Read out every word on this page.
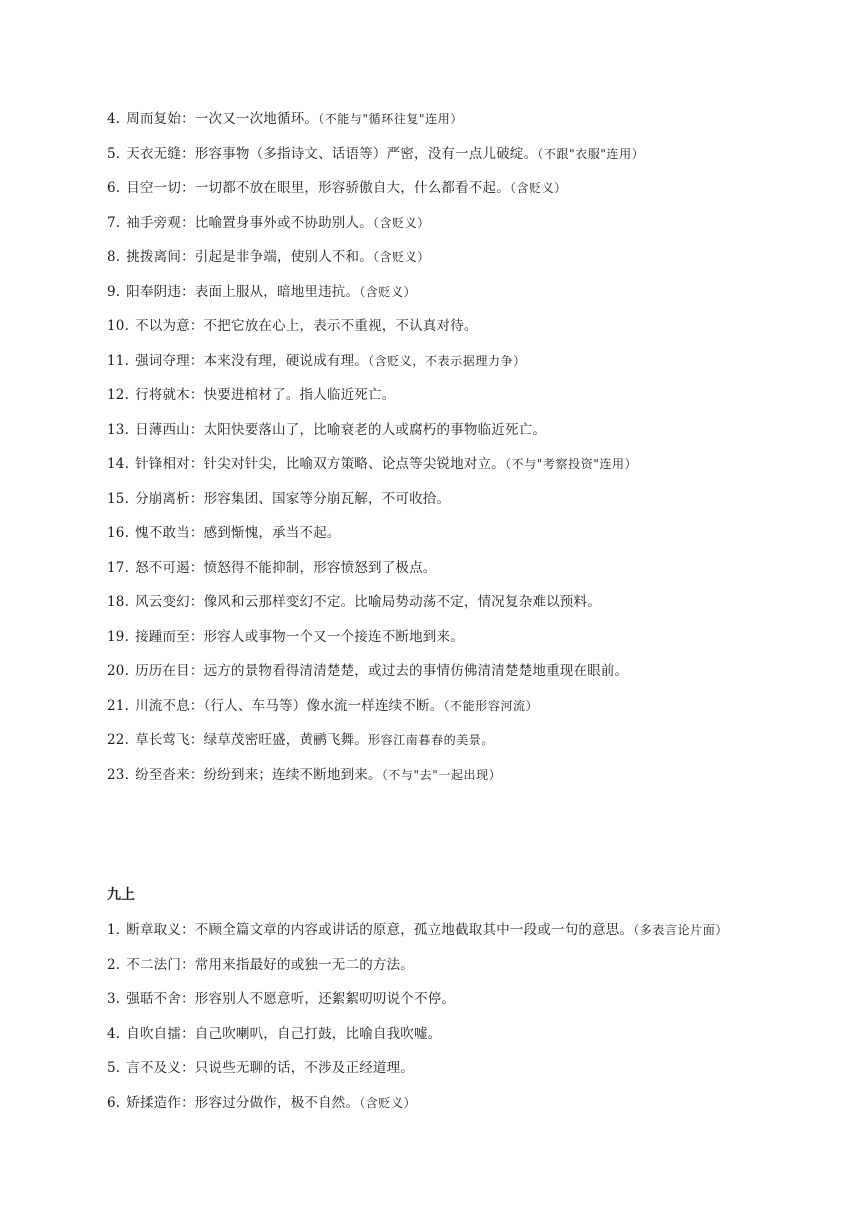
4. 周而复始：一次又一次地循环。（不能与"循环往复"连用）
5. 天衣无缝：形容事物（多指诗文、话语等）严密，没有一点儿破绽。（不跟"衣服"连用）
6. 目空一切：一切都不放在眼里，形容骄傲自大，什么都看不起。（含贬义）
7. 袖手旁观：比喻置身事外或不协助别人。（含贬义）
8. 挑拨离间：引起是非争端，使别人不和。（含贬义）
9. 阳奉阴违：表面上服从，暗地里违抗。（含贬义）
10. 不以为意：不把它放在心上，表示不重视，不认真对待。
11. 强词夺理：本来没有理，硬说成有理。（含贬义，不表示据理力争）
12. 行将就木：快要进棺材了。指人临近死亡。
13. 日薄西山：太阳快要落山了，比喻衰老的人或腐朽的事物临近死亡。
14. 针锋相对：针尖对针尖，比喻双方策略、论点等尖锐地对立。（不与"考察投资"连用）
15. 分崩离析：形容集团、国家等分崩瓦解，不可收拾。
16. 愧不敢当：感到惭愧，承当不起。
17. 怒不可遏：愤怒得不能抑制，形容愤怒到了极点。
18. 风云变幻：像风和云那样变幻不定。比喻局势动荡不定，情况复杂难以预料。
19. 接踵而至：形容人或事物一个又一个接连不断地到来。
20. 历历在目：远方的景物看得清清楚楚，或过去的事情仿佛清清楚楚地重现在眼前。
21. 川流不息：（行人、车马等）像水流一样连续不断。（不能形容河流）
22. 草长莺飞：绿草茂密旺盛，黄鹂飞舞。形容江南暮春的美景。
23. 纷至沓来：纷纷到来；连续不断地到来。（不与"去"一起出现）
九上
1. 断章取义：不顾全篇文章的内容或讲话的原意，孤立地截取其中一段或一句的意思。（多表言论片面）
2. 不二法门：常用来指最好的或独一无二的方法。
3. 强聒不舍：形容别人不愿意听，还絮絮叨叨说个不停。
4. 自吹自擂：自己吹喇叭，自己打鼓，比喻自我吹嘘。
5. 言不及义：只说些无聊的话，不涉及正经道理。
6. 矫揉造作：形容过分做作，极不自然。（含贬义）
